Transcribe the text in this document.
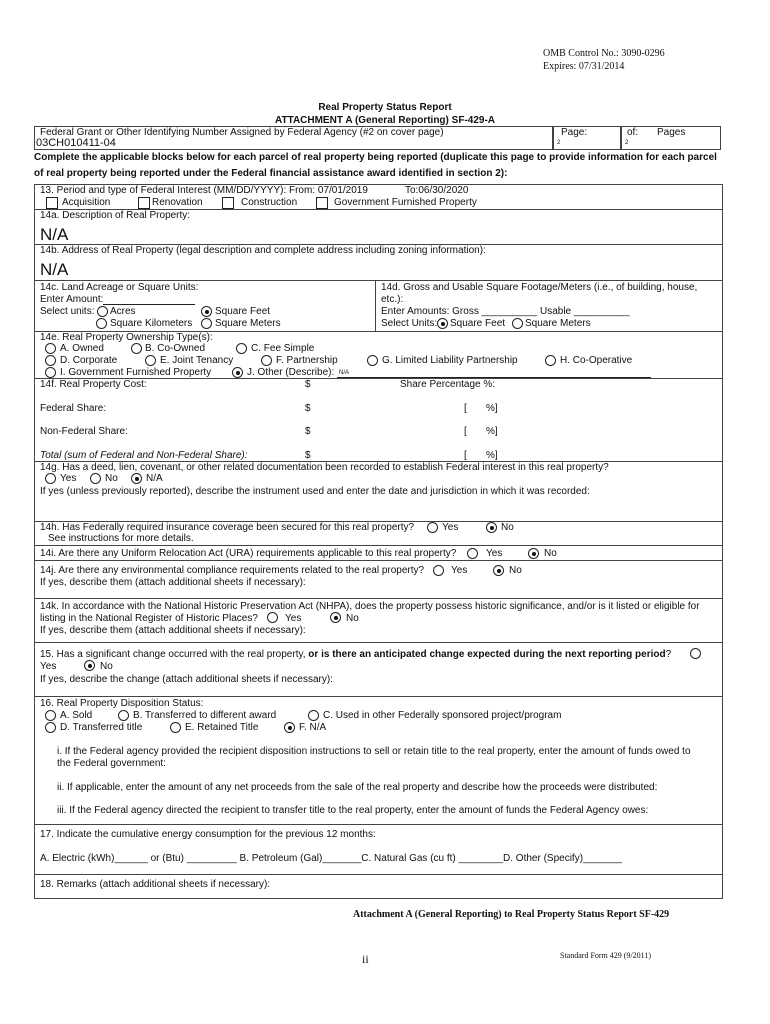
OMB Control No.: 3090-0296
Expires: 07/31/2014
Real Property Status Report
ATTACHMENT A (General Reporting) SF-429-A
Federal Grant or Other Identifying Number Assigned by Federal Agency (#2 on cover page)
03CH010411-04
Page:
2
of: Pages
2
Complete the applicable blocks below for each parcel of real property being reported (duplicate this page to provide information for each parcel
of real property being reported under the Federal financial assistance award identified in section 2):
13. Period and type of Federal Interest (MM/DD/YYYY): From: 07/01/2019	To:06/30/2020
Acquisition	Renovation	Construction	Government Furnished Property
14a. Description of Real Property:
N/A
14b. Address of Real Property (legal description and complete address including zoning information):
N/A
14c. Land Acreage or Square Units:
Enter Amount:
Select units: Acres	Square Feet
Square Kilometers Square Meters
14d. Gross and Usable Square Footage/Meters (i.e., of building, house,
etc.):
Enter Amounts: Gross __________ Usable __________
Select Units: Square Feet Square Meters
14e. Real Property Ownership Type(s):
A. Owned	B. Co-Owned	C. Fee Simple
D. Corporate	E. Joint Tenancy	F. Partnership	G. Limited Liability Partnership	H. Co-Operative
I. Government Furnished Property	J. Other (Describe): N/A
14f. Real Property Cost:	$	Share Percentage %:
Federal Share:	$	[ %]
Non-Federal Share:	$	[ %]
Total (sum of Federal and Non-Federal Share):	$	[ %]
14g. Has a deed, lien, covenant, or other related documentation been recorded to establish Federal interest in this real property?
Yes	No	N/A
If yes (unless previously reported), describe the instrument used and enter the date and jurisdiction in which it was recorded:
14h. Has Federally required insurance coverage been secured for this real property?	Yes	No
See instructions for more details.
14i. Are there any Uniform Relocation Act (URA) requirements applicable to this real property?	Yes	No
14j. Are there any environmental compliance requirements related to the real property?	Yes	No
If yes, describe them (attach additional sheets if necessary):
14k. In accordance with the National Historic Preservation Act (NHPA), does the property possess historic significance, and/or is it listed or eligible for
listing in the National Register of Historic Places?	Yes	No
If yes, describe them (attach additional sheets if necessary):
15. Has a significant change occurred with the real property, or is there an anticipated change expected during the next reporting period?
Yes	No
If yes, describe the change (attach additional sheets if necessary):
16. Real Property Disposition Status:
A. Sold	B. Transferred to different award	C. Used in other Federally sponsored project/program
D. Transferred title	E. Retained Title	F. N/A
i. If the Federal agency provided the recipient disposition instructions to sell or retain title to the real property, enter the amount of funds owed to
the Federal government:
ii. If applicable, enter the amount of any net proceeds from the sale of the real property and describe how the proceeds were distributed:
iii. If the Federal agency directed the recipient to transfer title to the real property, enter the amount of funds the Federal Agency owes:
17. Indicate the cumulative energy consumption for the previous 12 months:
A. Electric (kWh)______ or (Btu) _________ B. Petroleum (Gal)_______C. Natural Gas (cu ft) ________D. Other (Specify)_______
18. Remarks (attach additional sheets if necessary):
Attachment A (General Reporting) to Real Property Status Report SF-429
ii	Standard Form 429 (9/2011)
